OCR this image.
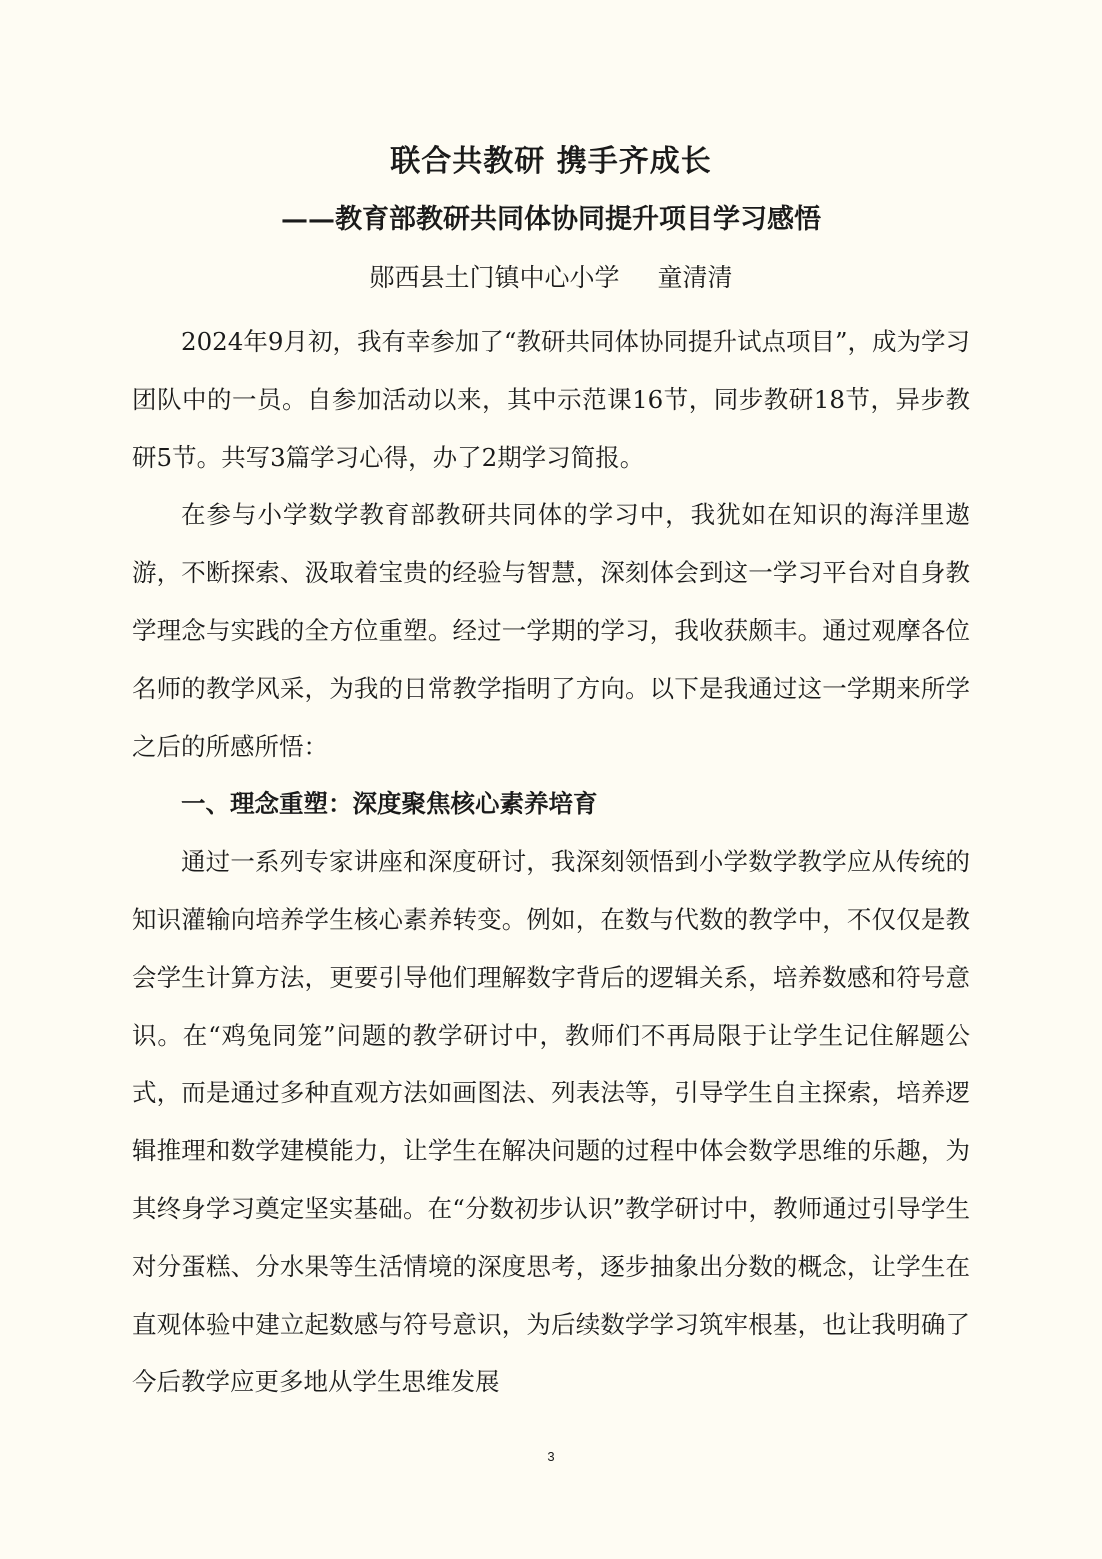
联合共教研 携手齐成长
——教育部教研共同体协同提升项目学习感悟
郧西县土门镇中心小学 童清清

2024年9月初，我有幸参加了“教研共同体协同提升试点项目”，成为学习团队中的一员。自参加活动以来，其中示范课16节，同步教研18节，异步教研5节。共写3篇学习心得，办了2期学习简报。

在参与小学数学教育部教研共同体的学习中，我犹如在知识的海洋里遨游，不断探索、汲取着宝贵的经验与智慧，深刻体会到这一学习平台对自身教学理念与实践的全方位重塑。经过一学期的学习，我收获颇丰。通过观摩各位名师的教学风采，为我的日常教学指明了方向。以下是我通过这一学期来所学之后的所感所悟：

一、理念重塑：深度聚焦核心素养培育

通过一系列专家讲座和深度研讨，我深刻领悟到小学数学教学应从传统的知识灌输向培养学生核心素养转变。例如，在数与代数的教学中，不仅仅是教会学生计算方法，更要引导他们理解数字背后的逻辑关系，培养数感和符号意识。在“鸡兔同笼”问题的教学研讨中，教师们不再局限于让学生记住解题公式，而是通过多种直观方法如画图法、列表法等，引导学生自主探索，培养逻辑推理和数学建模能力，让学生在解决问题的过程中体会数学思维的乐趣，为其终身学习奠定坚实基础。在“分数初步认识”教学研讨中，教师通过引导学生对分蛋糕、分水果等生活情境的深度思考，逐步抽象出分数的概念，让学生在直观体验中建立起数感与符号意识，为后续数学学习筑牢根基，也让我明确了今后教学应更多地从学生思维发展

3
